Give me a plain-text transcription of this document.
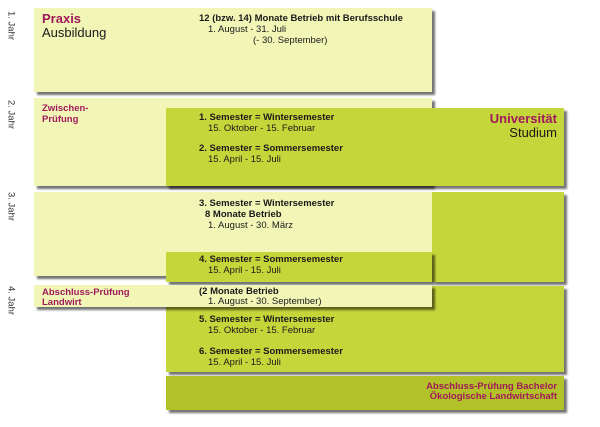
1. Jahr
2. Jahr
3. Jahr
4. Jahr
Praxis
Ausbildung
12 (bzw. 14) Monate Betrieb mit Berufsschule
1. August - 31. Juli
(- 30. September)
Zwischen-
Prüfung	Universität
Studium
1. Semester = Wintersemester
15. Oktober - 15. Februar
2. Semester = Sommersemester
15. April - 15. Juli
3. Semester = Wintersemester
8 Monate Betrieb
1. August - 30. März
4. Semester = Sommersemester
15. April - 15. Juli
Abschluss-Prüfung
Landwirt
(2 Monate Betrieb
1. August - 30. September)
5. Semester = Wintersemester
15. Oktober - 15. Februar
6. Semester = Sommersemester
15. April - 15. Juli
Abschluss-Prüfung Bachelor
Ökologische Landwirtschaft
